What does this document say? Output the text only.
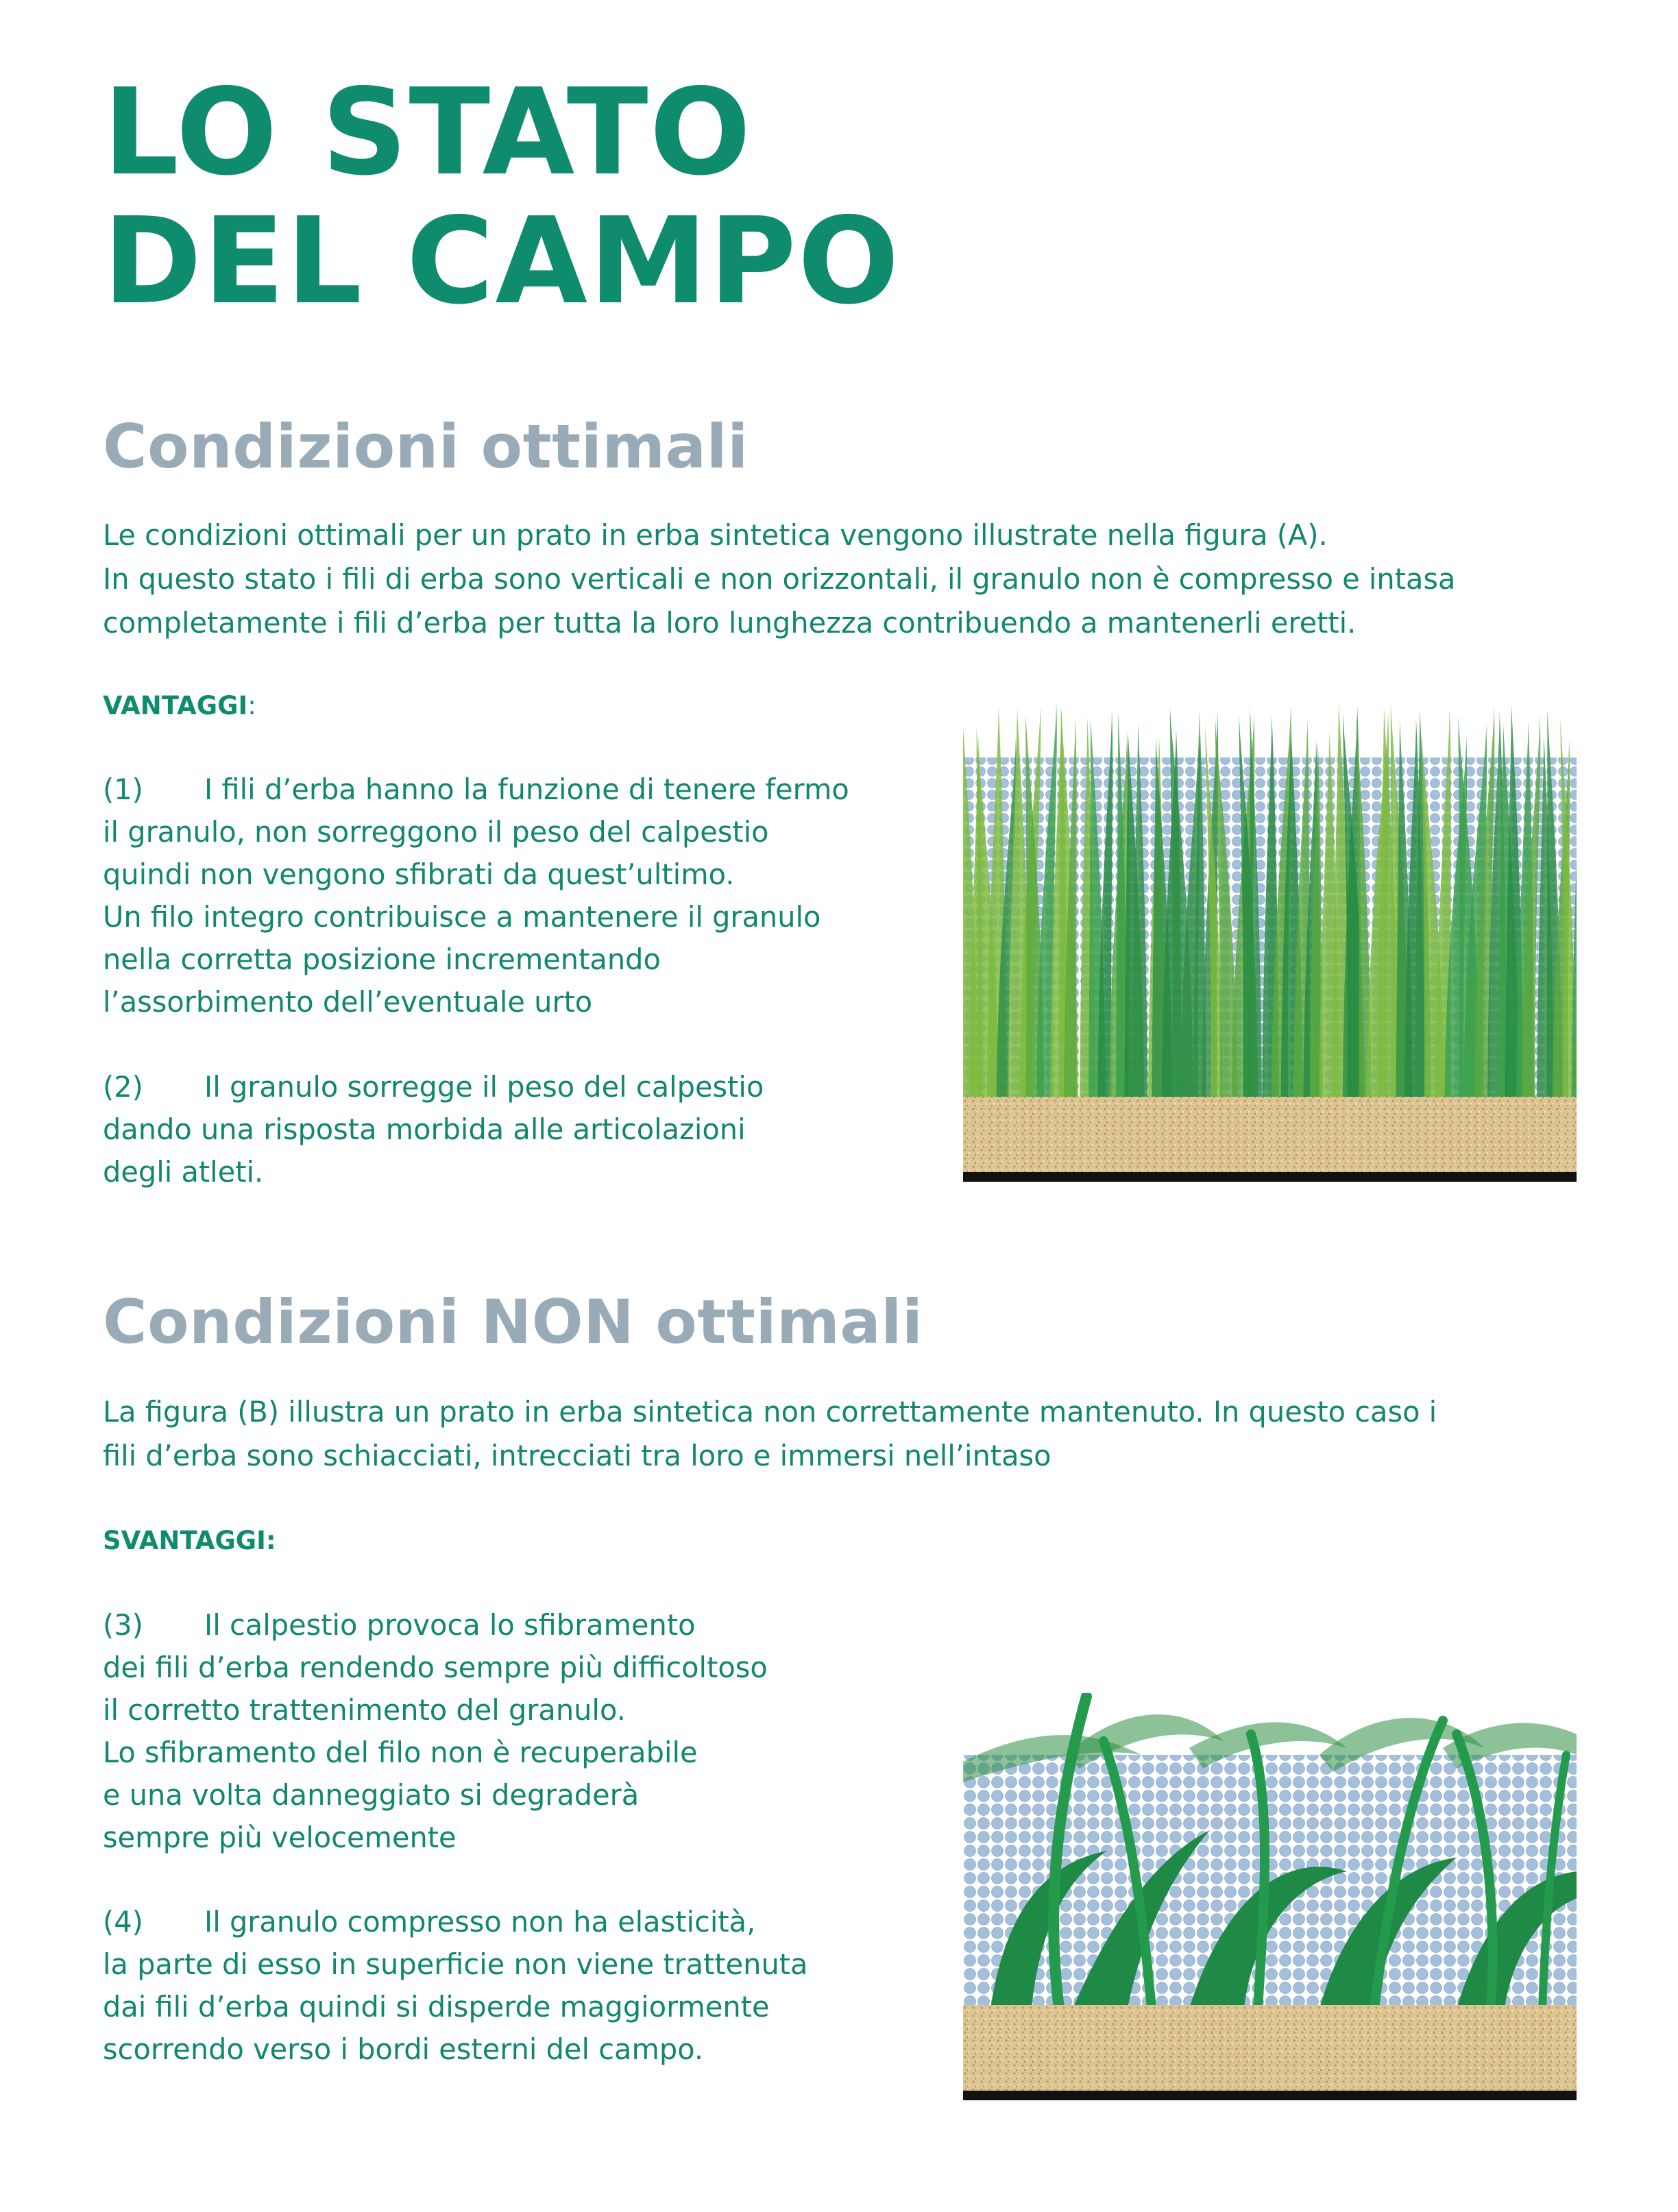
LO STATO
DEL CAMPO
Condizioni ottimali
Le condizioni ottimali per un prato in erba sintetica vengono illustrate nella figura (A).
In questo stato i fili di erba sono verticali e non orizzontali, il granulo non è compresso e intasa
completamente i fili d’erba per tutta la loro lunghezza contribuendo a mantenerli eretti.

VANTAGGI:

(1) I fili d’erba hanno la funzione di tenere fermo
il granulo, non sorreggono il peso del calpestio
quindi non vengono sfibrati da quest’ultimo.
Un filo integro contribuisce a mantenere il granulo
nella corretta posizione incrementando
l’assorbimento dell’eventuale urto
(2) Il granulo sorregge il peso del calpestio
dando una risposta morbida alle articolazioni
degli atleti.
Condizioni NON ottimali
La figura (B) illustra un prato in erba sintetica non correttamente mantenuto. In questo caso i
fili d’erba sono schiacciati, intrecciati tra loro e immersi nell’intaso

SVANTAGGI:

(3) Il calpestio provoca lo sfibramento
dei fili d’erba rendendo sempre più difficoltoso
il corretto trattenimento del granulo.
Lo sfibramento del filo non è recuperabile
e una volta danneggiato si degraderà
sempre più velocemente
(4) Il granulo compresso non ha elasticità,
la parte di esso in superficie non viene trattenuta
dai fili d’erba quindi si disperde maggiormente
scorrendo verso i bordi esterni del campo.
